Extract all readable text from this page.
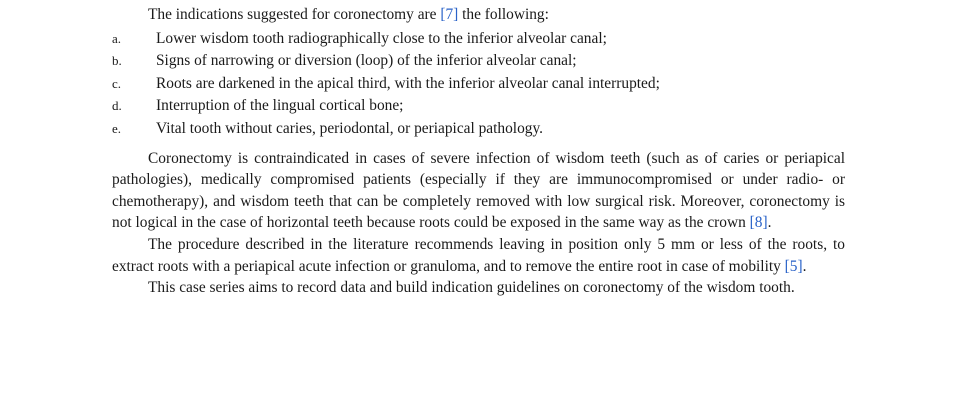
The indications suggested for coronectomy are [7] the following:

a.	Lower wisdom tooth radiographically close to the inferior alveolar canal;
b.	Signs of narrowing or diversion (loop) of the inferior alveolar canal;
c.	Roots are darkened in the apical third, with the inferior alveolar canal interrupted;
d.	Interruption of the lingual cortical bone;
e.	Vital tooth without caries, periodontal, or periapical pathology.

Coronectomy is contraindicated in cases of severe infection of wisdom teeth (such as of caries or periapical pathologies), medically compromised patients (especially if they are immunocompromised or under radio- or chemotherapy), and wisdom teeth that can be completely removed with low surgical risk. Moreover, coronectomy is not logical in the case of horizontal teeth because roots could be exposed in the same way as the crown [8].

The procedure described in the literature recommends leaving in position only 5 mm or less of the roots, to extract roots with a periapical acute infection or granuloma, and to remove the entire root in case of mobility [5].

This case series aims to record data and build indication guidelines on coronectomy of the wisdom tooth.
